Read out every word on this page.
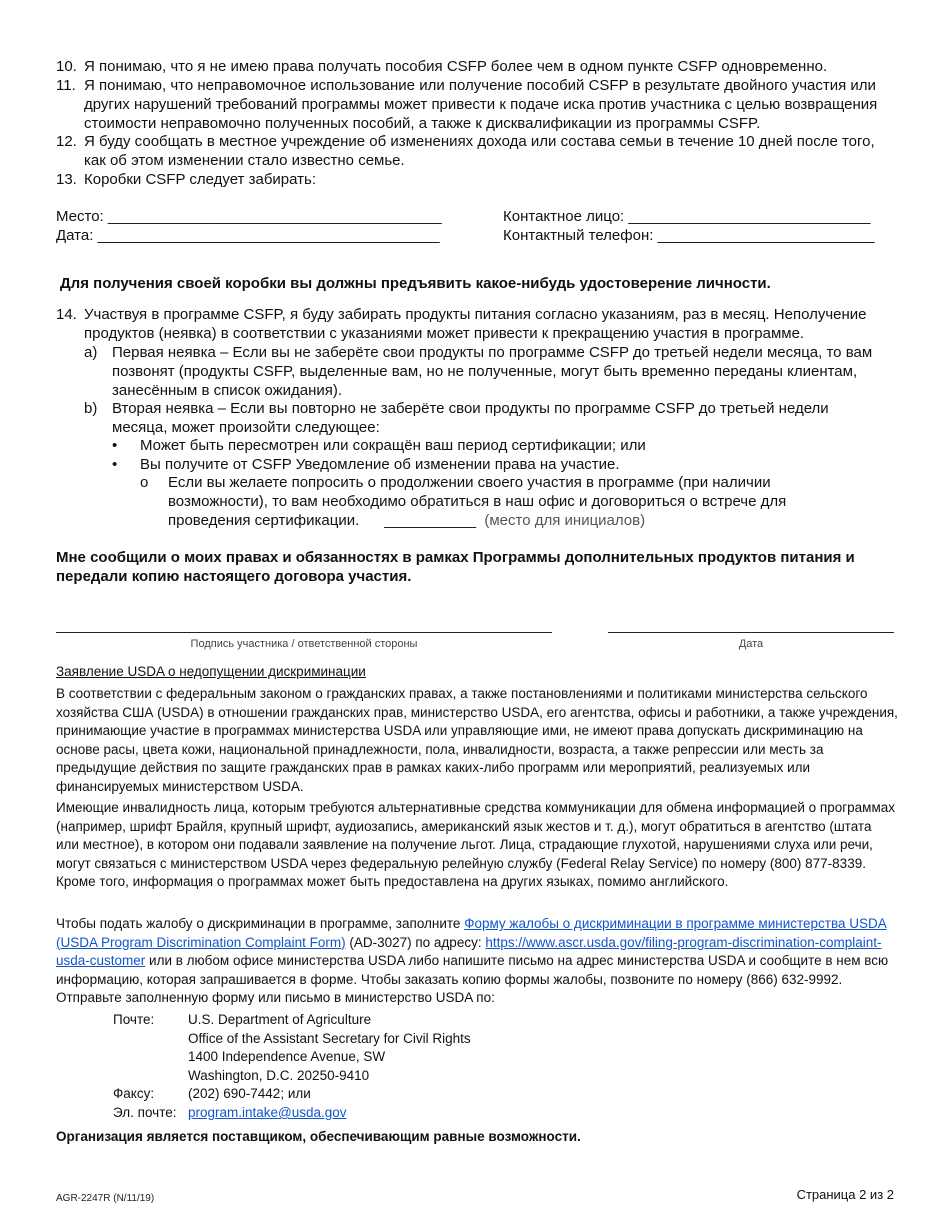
10. Я понимаю, что я не имею права получать пособия CSFP более чем в одном пункте CSFP одновременно.
11. Я понимаю, что неправомочное использование или получение пособий CSFP в результате двойного участия или других нарушений требований программы может привести к подаче иска против участника с целью возвращения стоимости неправомочно полученных пособий, а также к дисквалификации из программы CSFP.
12. Я буду сообщать в местное учреждение об изменениях дохода или состава семьи в течение 10 дней после того, как об этом изменении стало известно семье.
13. Коробки CSFP следует забирать:
Место: ________________________________________
Дата: _________________________________________
Контактное лицо: _____________________________
Контактный телефон: __________________________
Для получения своей коробки вы должны предъявить какое-нибудь удостоверение личности.
14. Участвуя в программе CSFP, я буду забирать продукты питания согласно указаниям, раз в месяц. Неполучение продуктов (неявка) в соответствии с указаниями может привести к прекращению участия в программе.
a) Первая неявка – Если вы не заберёте свои продукты по программе CSFP до третьей недели месяца, то вам позвонят (продукты CSFP, выделенные вам, но не полученные, могут быть временно переданы клиентам, занесённым в список ожидания).
b) Вторая неявка – Если вы повторно не заберёте свои продукты по программе CSFP до третьей недели месяца, может произойти следующее:
• Может быть пересмотрен или сокращён ваш период сертификации; или
• Вы получите от CSFP Уведомление об изменении права на участие.
o Если вы желаете попросить о продолжении своего участия в программе (при наличии возможности), то вам необходимо обратиться в наш офис и договориться о встрече для проведения сертификации. ___________ (место для инициалов)
Мне сообщили о моих правах и обязанностях в рамках Программы дополнительных продуктов питания и передали копию настоящего договора участия.
Подпись участника / ответственной стороны	Дата
Заявление USDA о недопущении дискриминации
В соответствии с федеральным законом о гражданских правах, а также постановлениями и политиками министерства сельского хозяйства США (USDA) в отношении гражданских прав, министерство USDA, его агентства, офисы и работники, а также учреждения, принимающие участие в программах министерства USDA или управляющие ими, не имеют права допускать дискриминацию на основе расы, цвета кожи, национальной принадлежности, пола, инвалидности, возраста, а также репрессии или месть за предыдущие действия по защите гражданских прав в рамках каких-либо программ или мероприятий, реализуемых или финансируемых министерством USDA.
Имеющие инвалидность лица, которым требуются альтернативные средства коммуникации для обмена информацией о программах (например, шрифт Брайля, крупный шрифт, аудиозапись, американский язык жестов и т. д.), могут обратиться в агентство (штата или местное), в котором они подавали заявление на получение льгот. Лица, страдающие глухотой, нарушениями слуха или речи, могут связаться с министерством USDA через федеральную релейную службу (Federal Relay Service) по номеру (800) 877-8339. Кроме того, информация о программах может быть предоставлена на других языках, помимо английского.
Чтобы подать жалобу о дискриминации в программе, заполните Форму жалобы о дискриминации в программе министерства USDA (USDA Program Discrimination Complaint Form) (AD-3027) по адресу: https://www.ascr.usda.gov/filing-program-discrimination-complaint-usda-customer или в любом офисе министерства USDA либо напишите письмо на адрес министерства USDA и сообщите в нем всю информацию, которая запрашивается в форме. Чтобы заказать копию формы жалобы, позвоните по номеру (866) 632-9992. Отправьте заполненную форму или письмо в министерство USDA по:
Почте:	U.S. Department of Agriculture
Office of the Assistant Secretary for Civil Rights
1400 Independence Avenue, SW
Washington, D.C. 20250-9410
Факсу:	(202) 690-7442; или
Эл. почте: program.intake@usda.gov
Организация является поставщиком, обеспечивающим равные возможности.
AGR-2247R (N/11/19)	Страница 2 из 2
